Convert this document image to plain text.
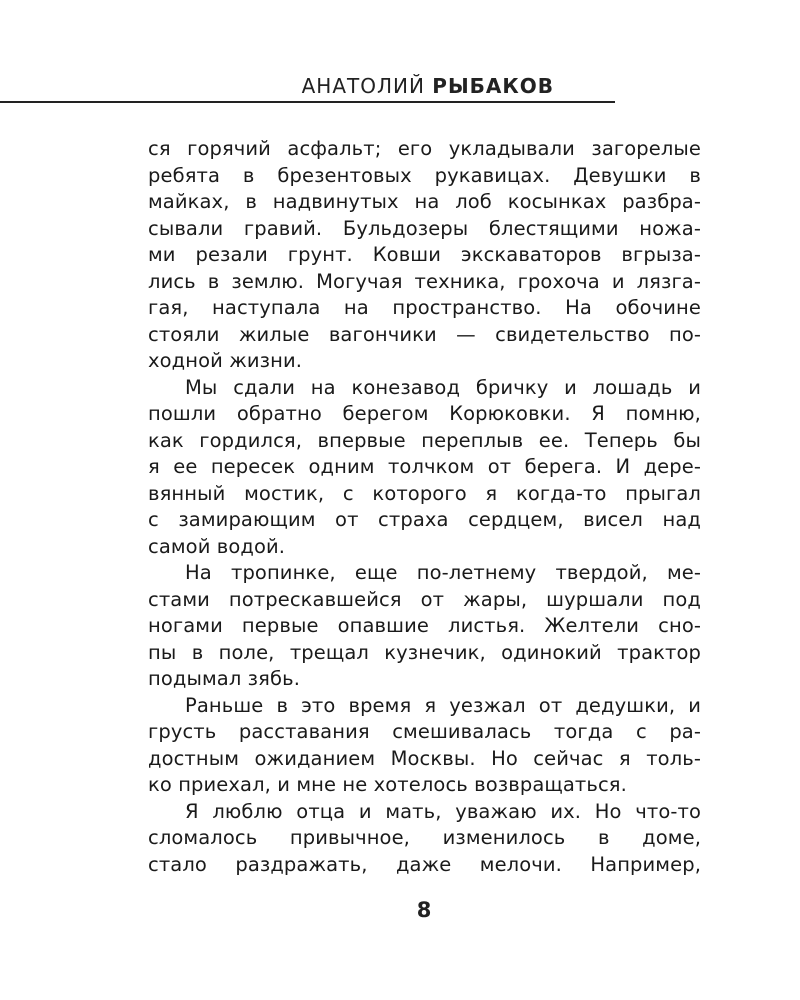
АНАТОЛИЙ РЫБАКОВ
ся горячий асфальт; его укладывали загорелые
ребята в брезентовых рукавицах. Девушки в
майках, в надвинутых на лоб косынках разбра-
сывали гравий. Бульдозеры блестящими ножа-
ми резали грунт. Ковши экскаваторов вгрыза-
лись в землю. Могучая техника, грохоча и лязга-
гая, наступала на пространство. На обочине
стояли жилые вагончики — свидетельство по-
ходной жизни.
Мы сдали на конезавод бричку и лошадь и
пошли обратно берегом Корюковки. Я помню,
как гордился, впервые переплыв ее. Теперь бы
я ее пересек одним толчком от берега. И дере-
вянный мостик, с которого я когда-то прыгал
с замирающим от страха сердцем, висел над
самой водой.
На тропинке, еще по-летнему твердой, ме-
стами потрескавшейся от жары, шуршали под
ногами первые опавшие листья. Желтели сно-
пы в поле, трещал кузнечик, одинокий трактор
подымал зябь.
Раньше в это время я уезжал от дедушки, и
грусть расставания смешивалась тогда с ра-
достным ожиданием Москвы. Но сейчас я толь-
ко приехал, и мне не хотелось возвращаться.
Я люблю отца и мать, уважаю их. Но что-то
сломалось привычное, изменилось в доме,
стало раздражать, даже мелочи. Например,
8
